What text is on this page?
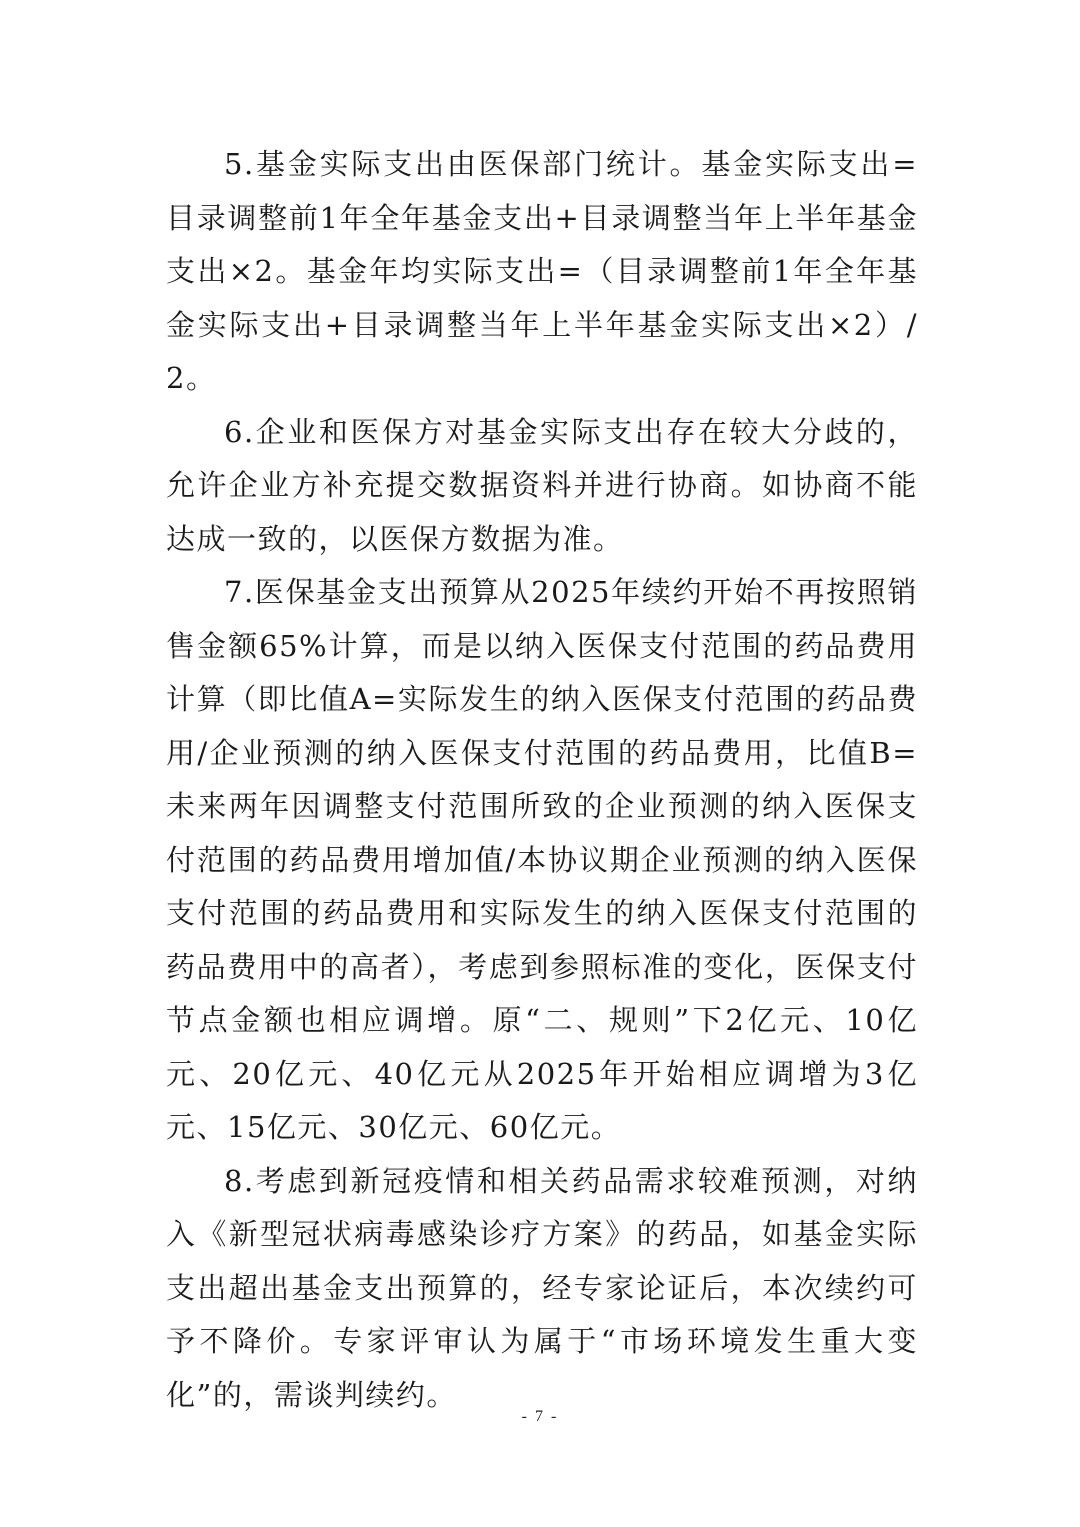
5.基金实际支出由医保部门统计。基金实际支出=目录调整前1年全年基金支出+目录调整当年上半年基金支出×2。基金年均实际支出=（目录调整前1年全年基金实际支出+目录调整当年上半年基金实际支出×2）/2。

6.企业和医保方对基金实际支出存在较大分歧的，允许企业方补充提交数据资料并进行协商。如协商不能达成一致的，以医保方数据为准。

7.医保基金支出预算从2025年续约开始不再按照销售金额65%计算，而是以纳入医保支付范围的药品费用计算（即比值A=实际发生的纳入医保支付范围的药品费用/企业预测的纳入医保支付范围的药品费用，比值B=未来两年因调整支付范围所致的企业预测的纳入医保支付范围的药品费用增加值/本协议期企业预测的纳入医保支付范围的药品费用和实际发生的纳入医保支付范围的药品费用中的高者），考虑到参照标准的变化，医保支付节点金额也相应调增。原“二、规则”下2亿元、10亿元、20亿元、40亿元从2025年开始相应调增为3亿元、15亿元、30亿元、60亿元。

8.考虑到新冠疫情和相关药品需求较难预测，对纳入《新型冠状病毒感染诊疗方案》的药品，如基金实际支出超出基金支出预算的，经专家论证后，本次续约可予不降价。专家评审认为属于“市场环境发生重大变化”的，需谈判续约。

- 7 -
